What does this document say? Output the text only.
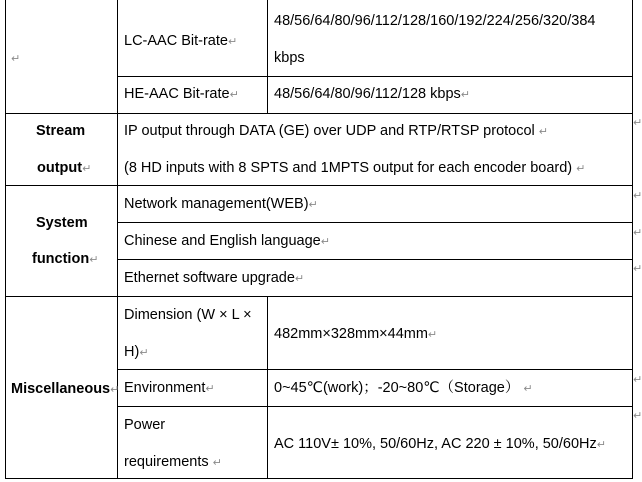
↵
LC-AAC Bit-rate↵
48/56/64/80/96/112/128/160/192/224/256/320/384
kbps
HE-AAC Bit-rate↵ 48/56/64/80/96/112/128 kbps↵
Stream
output↵
IP output through DATA (GE) over UDP and RTP/RTSP protocol ↵
(8 HD inputs with 8 SPTS and 1MPTS output for each encoder board) ↵
↵
System
function↵
Network management(WEB)↵
Chinese and English language↵
Ethernet software upgrade↵
↵
↵
↵
Miscellaneous↵
Dimension (W × L ×
H)↵
482mm×328mm×44mm↵
Environment↵	0~45℃(work)；-20~80℃（Storage） ↵
Power
requirements ↵
AC 110V± 10%, 50/60Hz, AC 220 ± 10%, 50/60Hz↵
↵
↵
